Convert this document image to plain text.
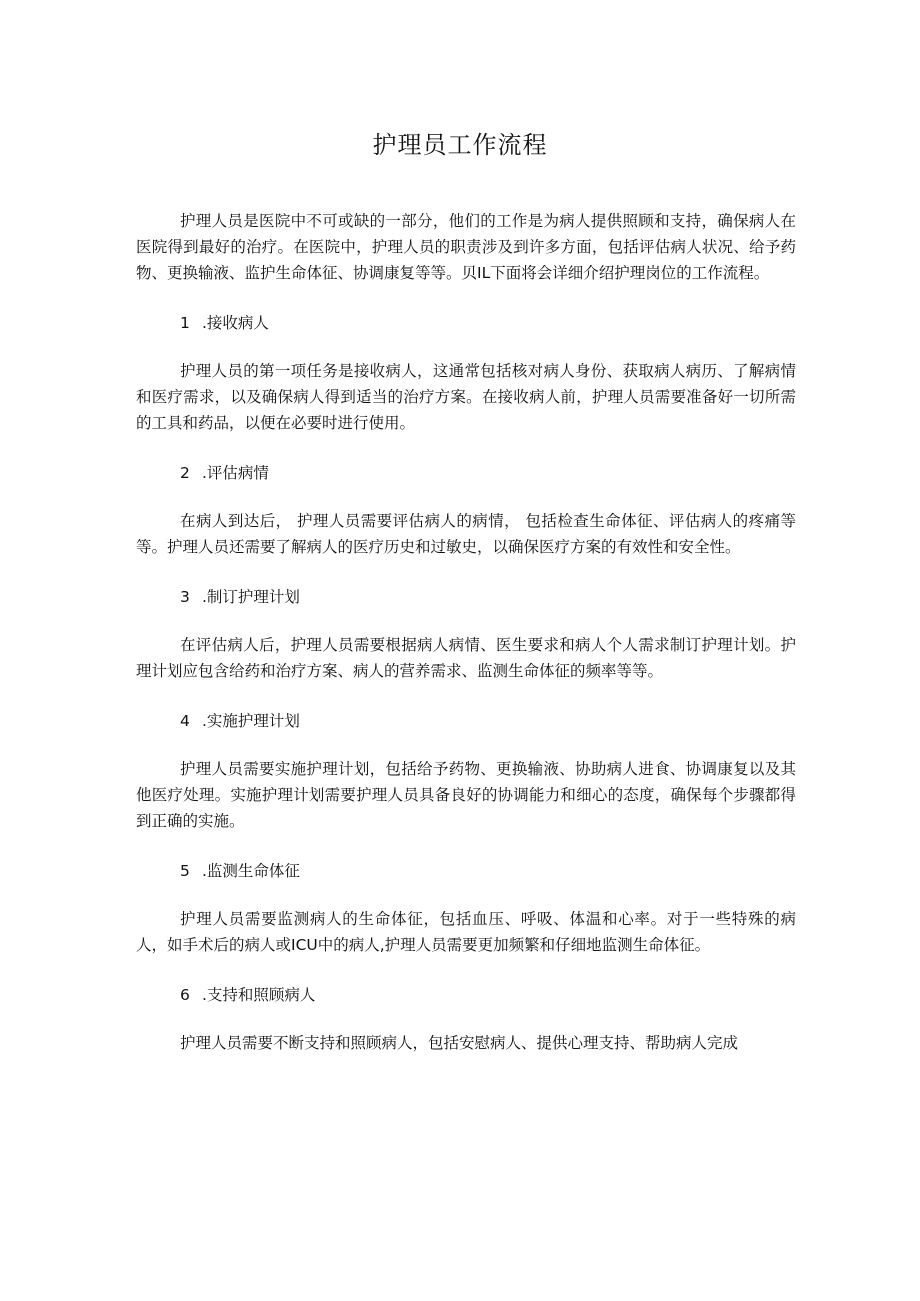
护理员工作流程

护理人员是医院中不可或缺的一部分，他们的工作是为病人提供照顾和支持，确保病人在医院得到最好的治疗。在医院中，护理人员的职责涉及到许多方面，包括评估病人状况、给予药物、更换输液、监护生命体征、协调康复等等。贝IL下面将会详细介绍护理岗位的工作流程。

1 .接收病人

护理人员的第一项任务是接收病人，这通常包括核对病人身份、获取病人病历、了解病情和医疗需求，以及确保病人得到适当的治疗方案。在接收病人前，护理人员需要准备好一切所需的工具和药品，以便在必要时进行使用。

2 .评估病情

在病人到达后， 护理人员需要评估病人的病情， 包括检查生命体征、评估病人的疼痛等等。护理人员还需要了解病人的医疗历史和过敏史，以确保医疗方案的有效性和安全性。

3 .制订护理计划

在评估病人后，护理人员需要根据病人病情、医生要求和病人个人需求制订护理计划。护理计划应包含给药和治疗方案、病人的营养需求、监测生命体征的频率等等。

4 .实施护理计划

护理人员需要实施护理计划，包括给予药物、更换输液、协助病人进食、协调康复以及其他医疗处理。实施护理计划需要护理人员具备良好的协调能力和细心的态度，确保每个步骤都得到正确的实施。

5 .监测生命体征

护理人员需要监测病人的生命体征，包括血压、呼吸、体温和心率。对于一些特殊的病人，如手术后的病人或ICU中的病人,护理人员需要更加频繁和仔细地监测生命体征。

6 .支持和照顾病人

护理人员需要不断支持和照顾病人，包括安慰病人、提供心理支持、帮助病人完成
